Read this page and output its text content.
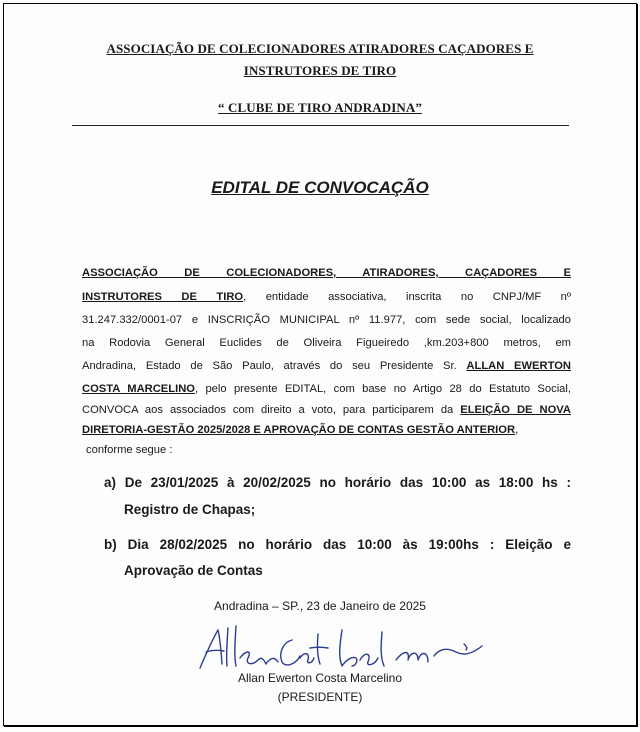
ASSOCIAÇÃO DE COLECIONADORES ATIRADORES CAÇADORES E
INSTRUTORES DE TIRO
“ CLUBE DE TIRO ANDRADINA”
EDITAL DE CONVOCAÇÃO
ASSOCIAÇÃO DE COLECIONADORES, ATIRADORES, CAÇADORES E
INSTRUTORES DE TIRO, entidade associativa, inscrita no CNPJ/MF nº
31.247.332/0001-07 e INSCRIÇÃO MUNICIPAL nº 11.977, com sede social, localizado
na Rodovia General Euclides de Oliveira Figueiredo ,km.203+800 metros, em
Andradina, Estado de São Paulo, através do seu Presidente Sr. ALLAN EWERTON
COSTA MARCELINO, pelo presente EDITAL, com base no Artigo 28 do Estatuto Social,
CONVOCA aos associados com direito a voto, para participarem da ELEIÇÃO DE NOVA
DIRETORIA-GESTÃO 2025/2028 E APROVAÇÃO DE CONTAS GESTÃO ANTERIOR,
conforme segue :
a) De 23/01/2025 à 20/02/2025 no horário das 10:00 as 18:00 hs :
Registro de Chapas;
b) Dia 28/02/2025 no horário das 10:00 às 19:00hs : Eleição e
Aprovação de Contas
Andradina – SP., 23 de Janeiro de 2025
Allan Ewerton Costa Marcelino
(PRESIDENTE)
